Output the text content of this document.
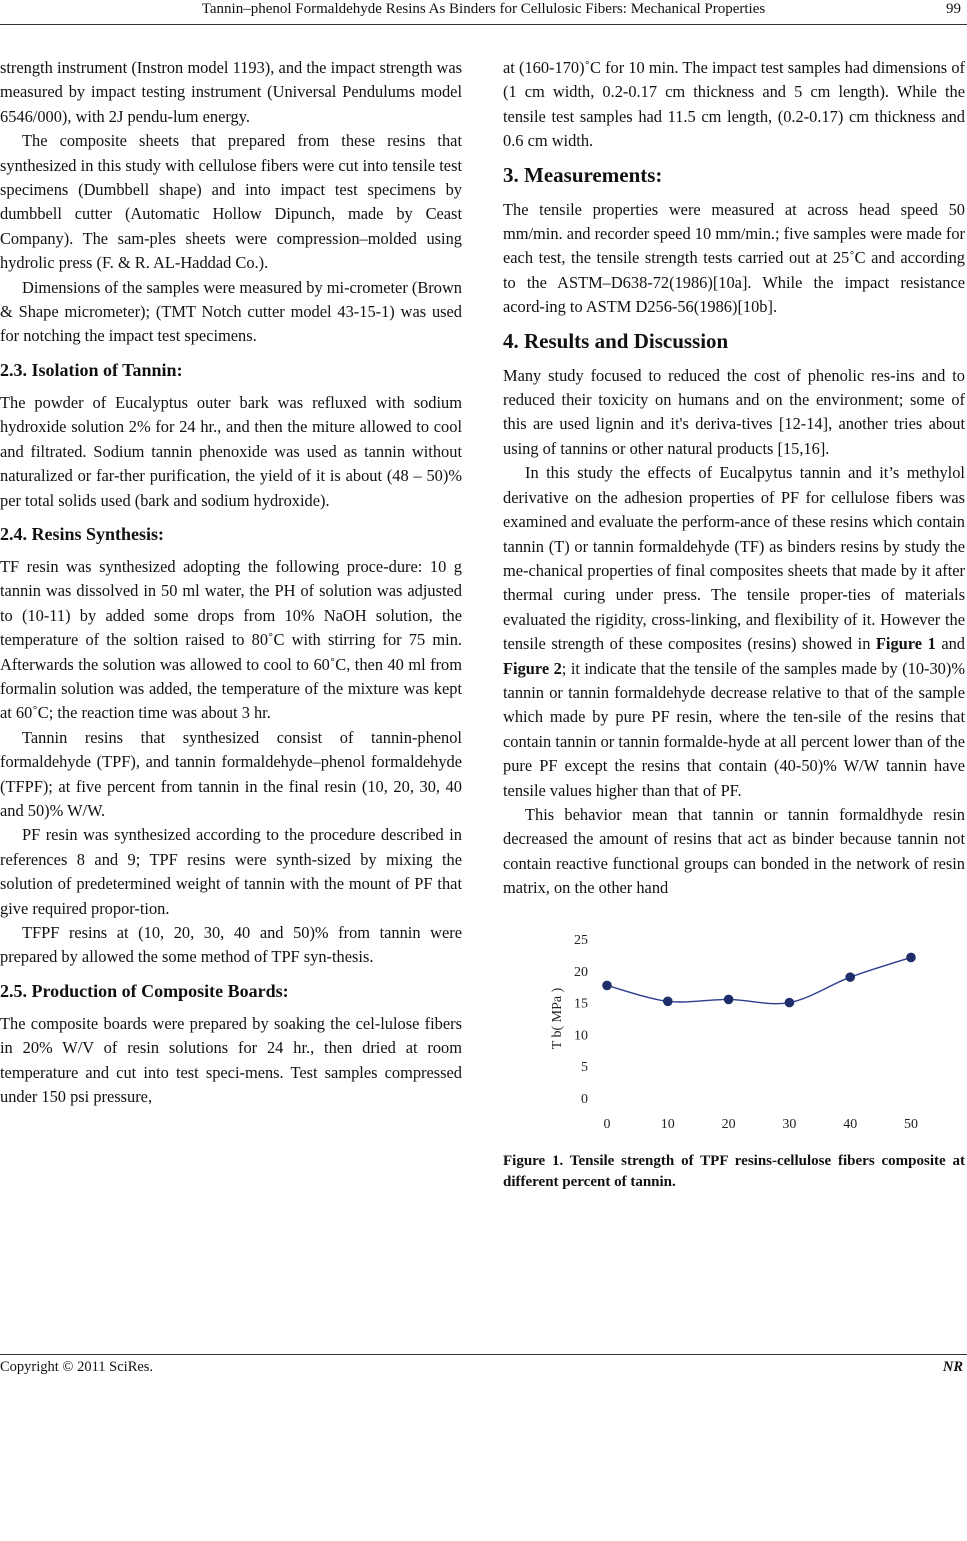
Tannin–phenol Formaldehyde Resins As Binders for Cellulosic Fibers: Mechanical Properties	99

strength instrument (Instron model 1193), and the impact strength was measured by impact testing instrument (Universal Pendulums model 6546/000), with 2J pendu-lum energy.

The composite sheets that prepared from these resins that synthesized in this study with cellulose fibers were cut into tensile test specimens (Dumbbell shape) and into impact test specimens by dumbbell cutter (Automatic Hollow Dipunch, made by Ceast Company). The sam-ples sheets were compression–molded using hydrolic press (F. & R. AL-Haddad Co.).

Dimensions of the samples were measured by mi-crometer (Brown & Shape micrometer); (TMT Notch cutter model 43-15-1) was used for notching the impact test specimens.

2.3. Isolation of Tannin:

The powder of Eucalyptus outer bark was refluxed with sodium hydroxide solution 2% for 24 hr., and then the miture allowed to cool and filtrated. Sodium tannin phenoxide was used as tannin without naturalized or far-ther purification, the yield of it is about (48 – 50)% per total solids used (bark and sodium hydroxide).

2.4. Resins Synthesis:

TF resin was synthesized adopting the following proce-dure: 10 g tannin was dissolved in 50 ml water, the PH of solution was adjusted to (10-11) by added some drops from 10% NaOH solution, the temperature of the soltion raised to 80˚C with stirring for 75 min. Afterwards the solution was allowed to cool to 60˚C, then 40 ml from formalin solution was added, the temperature of the mixture was kept at 60˚C; the reaction time was about 3 hr.

Tannin resins that synthesized consist of tannin-phenol formaldehyde (TPF), and tannin formaldehyde–phenol formaldehyde (TFPF); at five percent from tannin in the final resin (10, 20, 30, 40 and 50)% W/W.

PF resin was synthesized according to the procedure described in references 8 and 9; TPF resins were synth-sized by mixing the solution of predetermined weight of tannin with the mount of PF that give required propor-tion.

TFPF resins at (10, 20, 30, 40 and 50)% from tannin were prepared by allowed the some method of TPF syn-thesis.

2.5. Production of Composite Boards:

The composite boards were prepared by soaking the cel-lulose fibers in 20% W/V of resin solutions for 24 hr., then dried at room temperature and cut into test speci-mens. Test samples compressed under 150 psi pressure,

at (160-170)˚C for 10 min. The impact test samples had dimensions of (1 cm width, 0.2-0.17 cm thickness and 5 cm length). While the tensile test samples had 11.5 cm length, (0.2-0.17) cm thickness and 0.6 cm width.

3. Measurements:

The tensile properties were measured at across head speed 50 mm/min. and recorder speed 10 mm/min.; five samples were made for each test, the tensile strength tests carried out at 25˚C and according to the ASTM–D638-72(1986)[10a]. While the impact resistance acord-ing to ASTM D256-56(1986)[10b].

4. Results and Discussion

Many study focused to reduced the cost of phenolic res-ins and to reduced their toxicity on humans and on the environment; some of this are used lignin and it's deriva-tives [12-14], another tries about using of tannins or other natural products [15,16].

In this study the effects of Eucalpytus tannin and it’s methylol derivative on the adhesion properties of PF for cellulose fibers was examined and evaluate the perform-ance of these resins which contain tannin (T) or tannin formaldehyde (TF) as binders resins by study the me-chanical properties of final composites sheets that made by it after thermal curing under press. The tensile proper-ties of materials evaluated the rigidity, cross-linking, and flexibility of it. However the tensile strength of these composites (resins) showed in Figure 1 and Figure 2; it indicate that the tensile of the samples made by (10-30)% tannin or tannin formaldehyde decrease relative to that of the sample which made by pure PF resin, where the ten-sile of the resins that contain tannin or tannin formalde-hyde at all percent lower than of the pure PF except the resins that contain (40-50)% W/W tannin have tensile values higher than that of PF.

This behavior mean that tannin or tannin formaldhyde resin decreased the amount of resins that act as binder because tannin not contain reactive functional groups can bonded in the network of resin matrix, on the other hand

0
5
10
15
20
25
0	10	20	30	40	50
T b( MPa )
Figure 1. Tensile strength of TPF resins-cellulose fibers composite at different percent of tannin.
Copyright © 2011 SciRes.	NR
